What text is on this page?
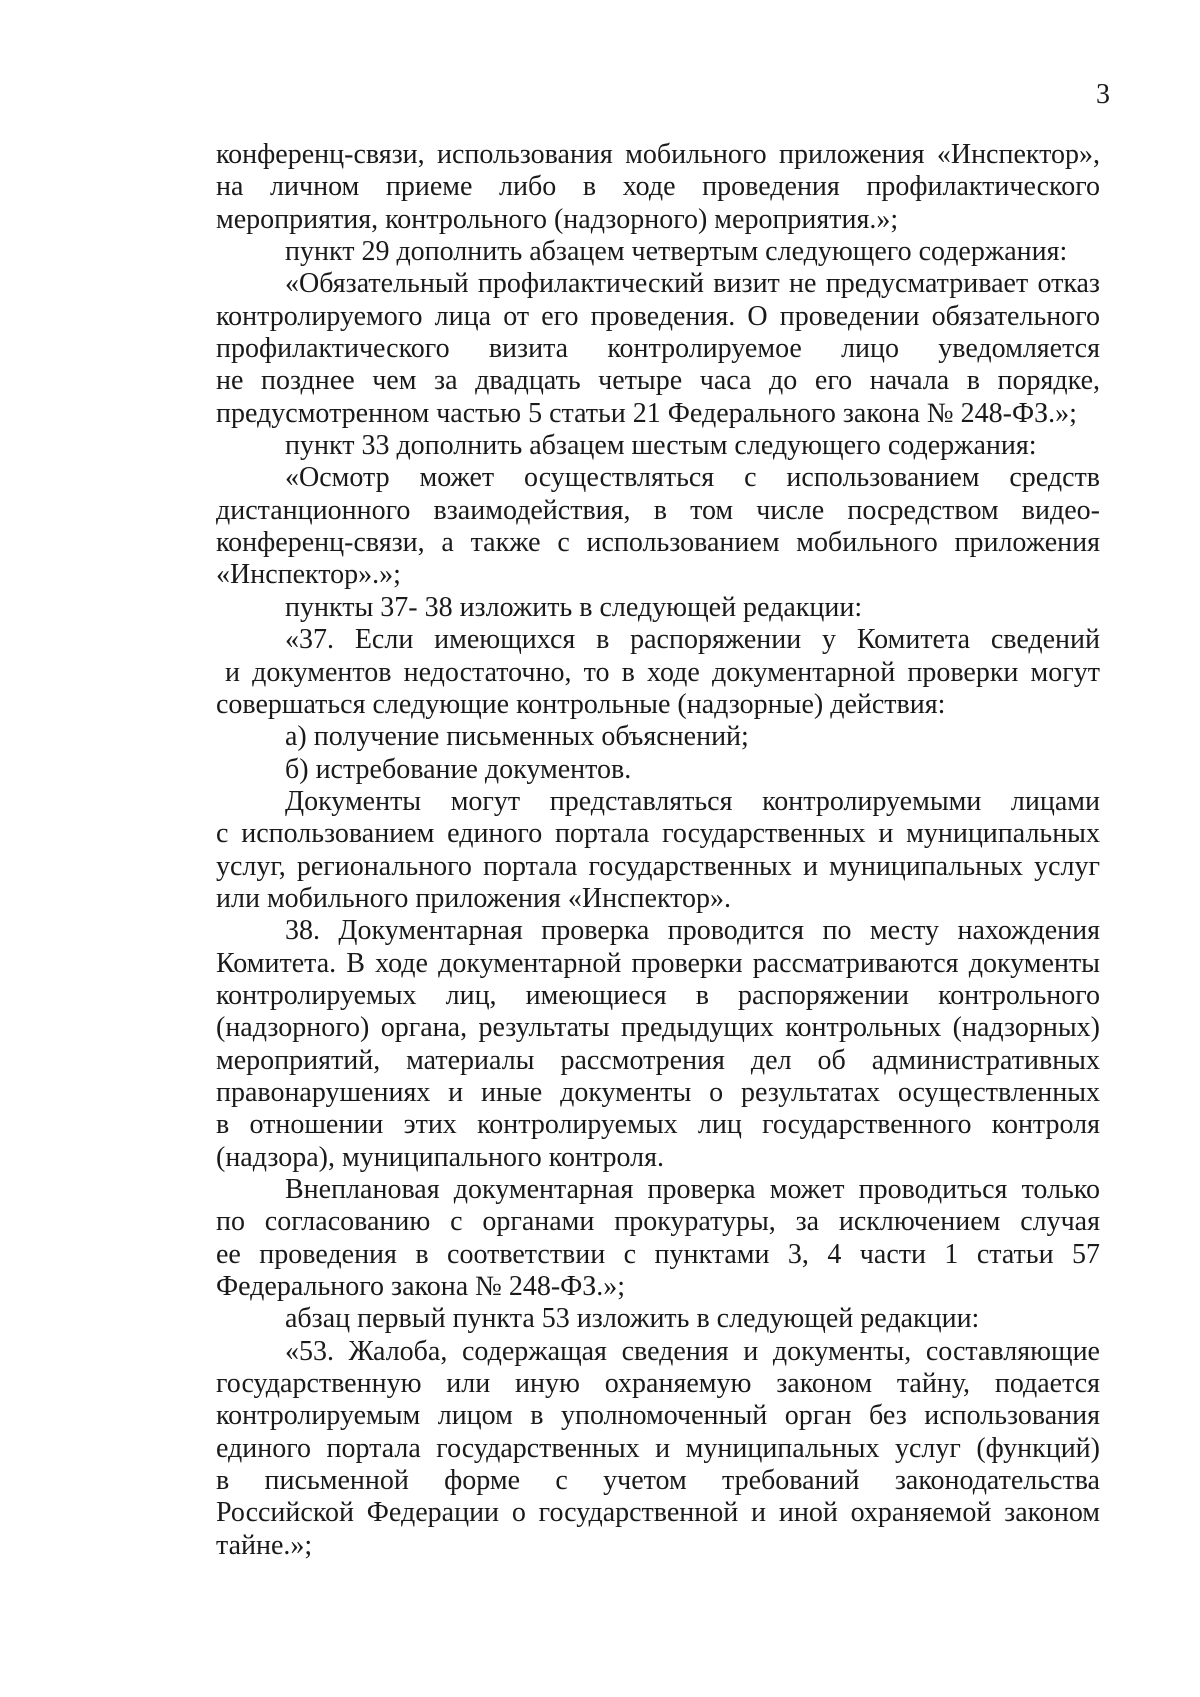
3
конференц-связи, использования мобильного приложения «Инспектор»,
на личном приеме либо в ходе проведения профилактического
мероприятия, контрольного (надзорного) мероприятия.»;
пункт 29 дополнить абзацем четвертым следующего содержания:
«Обязательный профилактический визит не предусматривает отказ
контролируемого лица от его проведения. О проведении обязательного
профилактического визита контролируемое лицо уведомляется
не позднее чем за двадцать четыре часа до его начала в порядке,
предусмотренном частью 5 статьи 21 Федерального закона № 248-ФЗ.»;
пункт 33 дополнить абзацем шестым следующего содержания:
«Осмотр может осуществляться с использованием средств
дистанционного взаимодействия, в том числе посредством видео-
конференц-связи, а также с использованием мобильного приложения
«Инспектор».»;
пункты 37- 38 изложить в следующей редакции:
«37. Если имеющихся в распоряжении у Комитета сведений
и документов недостаточно, то в ходе документарной проверки могут
совершаться следующие контрольные (надзорные) действия:
а) получение письменных объяснений;
б) истребование документов.
Документы могут представляться контролируемыми лицами
с использованием единого портала государственных и муниципальных
услуг, регионального портала государственных и муниципальных услуг
или мобильного приложения «Инспектор».
38. Документарная проверка проводится по месту нахождения
Комитета. В ходе документарной проверки рассматриваются документы
контролируемых лиц, имеющиеся в распоряжении контрольного
(надзорного) органа, результаты предыдущих контрольных (надзорных)
мероприятий, материалы рассмотрения дел об административных
правонарушениях и иные документы о результатах осуществленных
в отношении этих контролируемых лиц государственного контроля
(надзора), муниципального контроля.
Внеплановая документарная проверка может проводиться только
по согласованию с органами прокуратуры, за исключением случая
ее проведения в соответствии с пунктами 3, 4 части 1 статьи 57
Федерального закона № 248-ФЗ.»;
абзац первый пункта 53 изложить в следующей редакции:
«53. Жалоба, содержащая сведения и документы, составляющие
государственную или иную охраняемую законом тайну, подается
контролируемым лицом в уполномоченный орган без использования
единого портала государственных и муниципальных услуг (функций)
в письменной форме с учетом требований законодательства
Российской Федерации о государственной и иной охраняемой законом
тайне.»;
